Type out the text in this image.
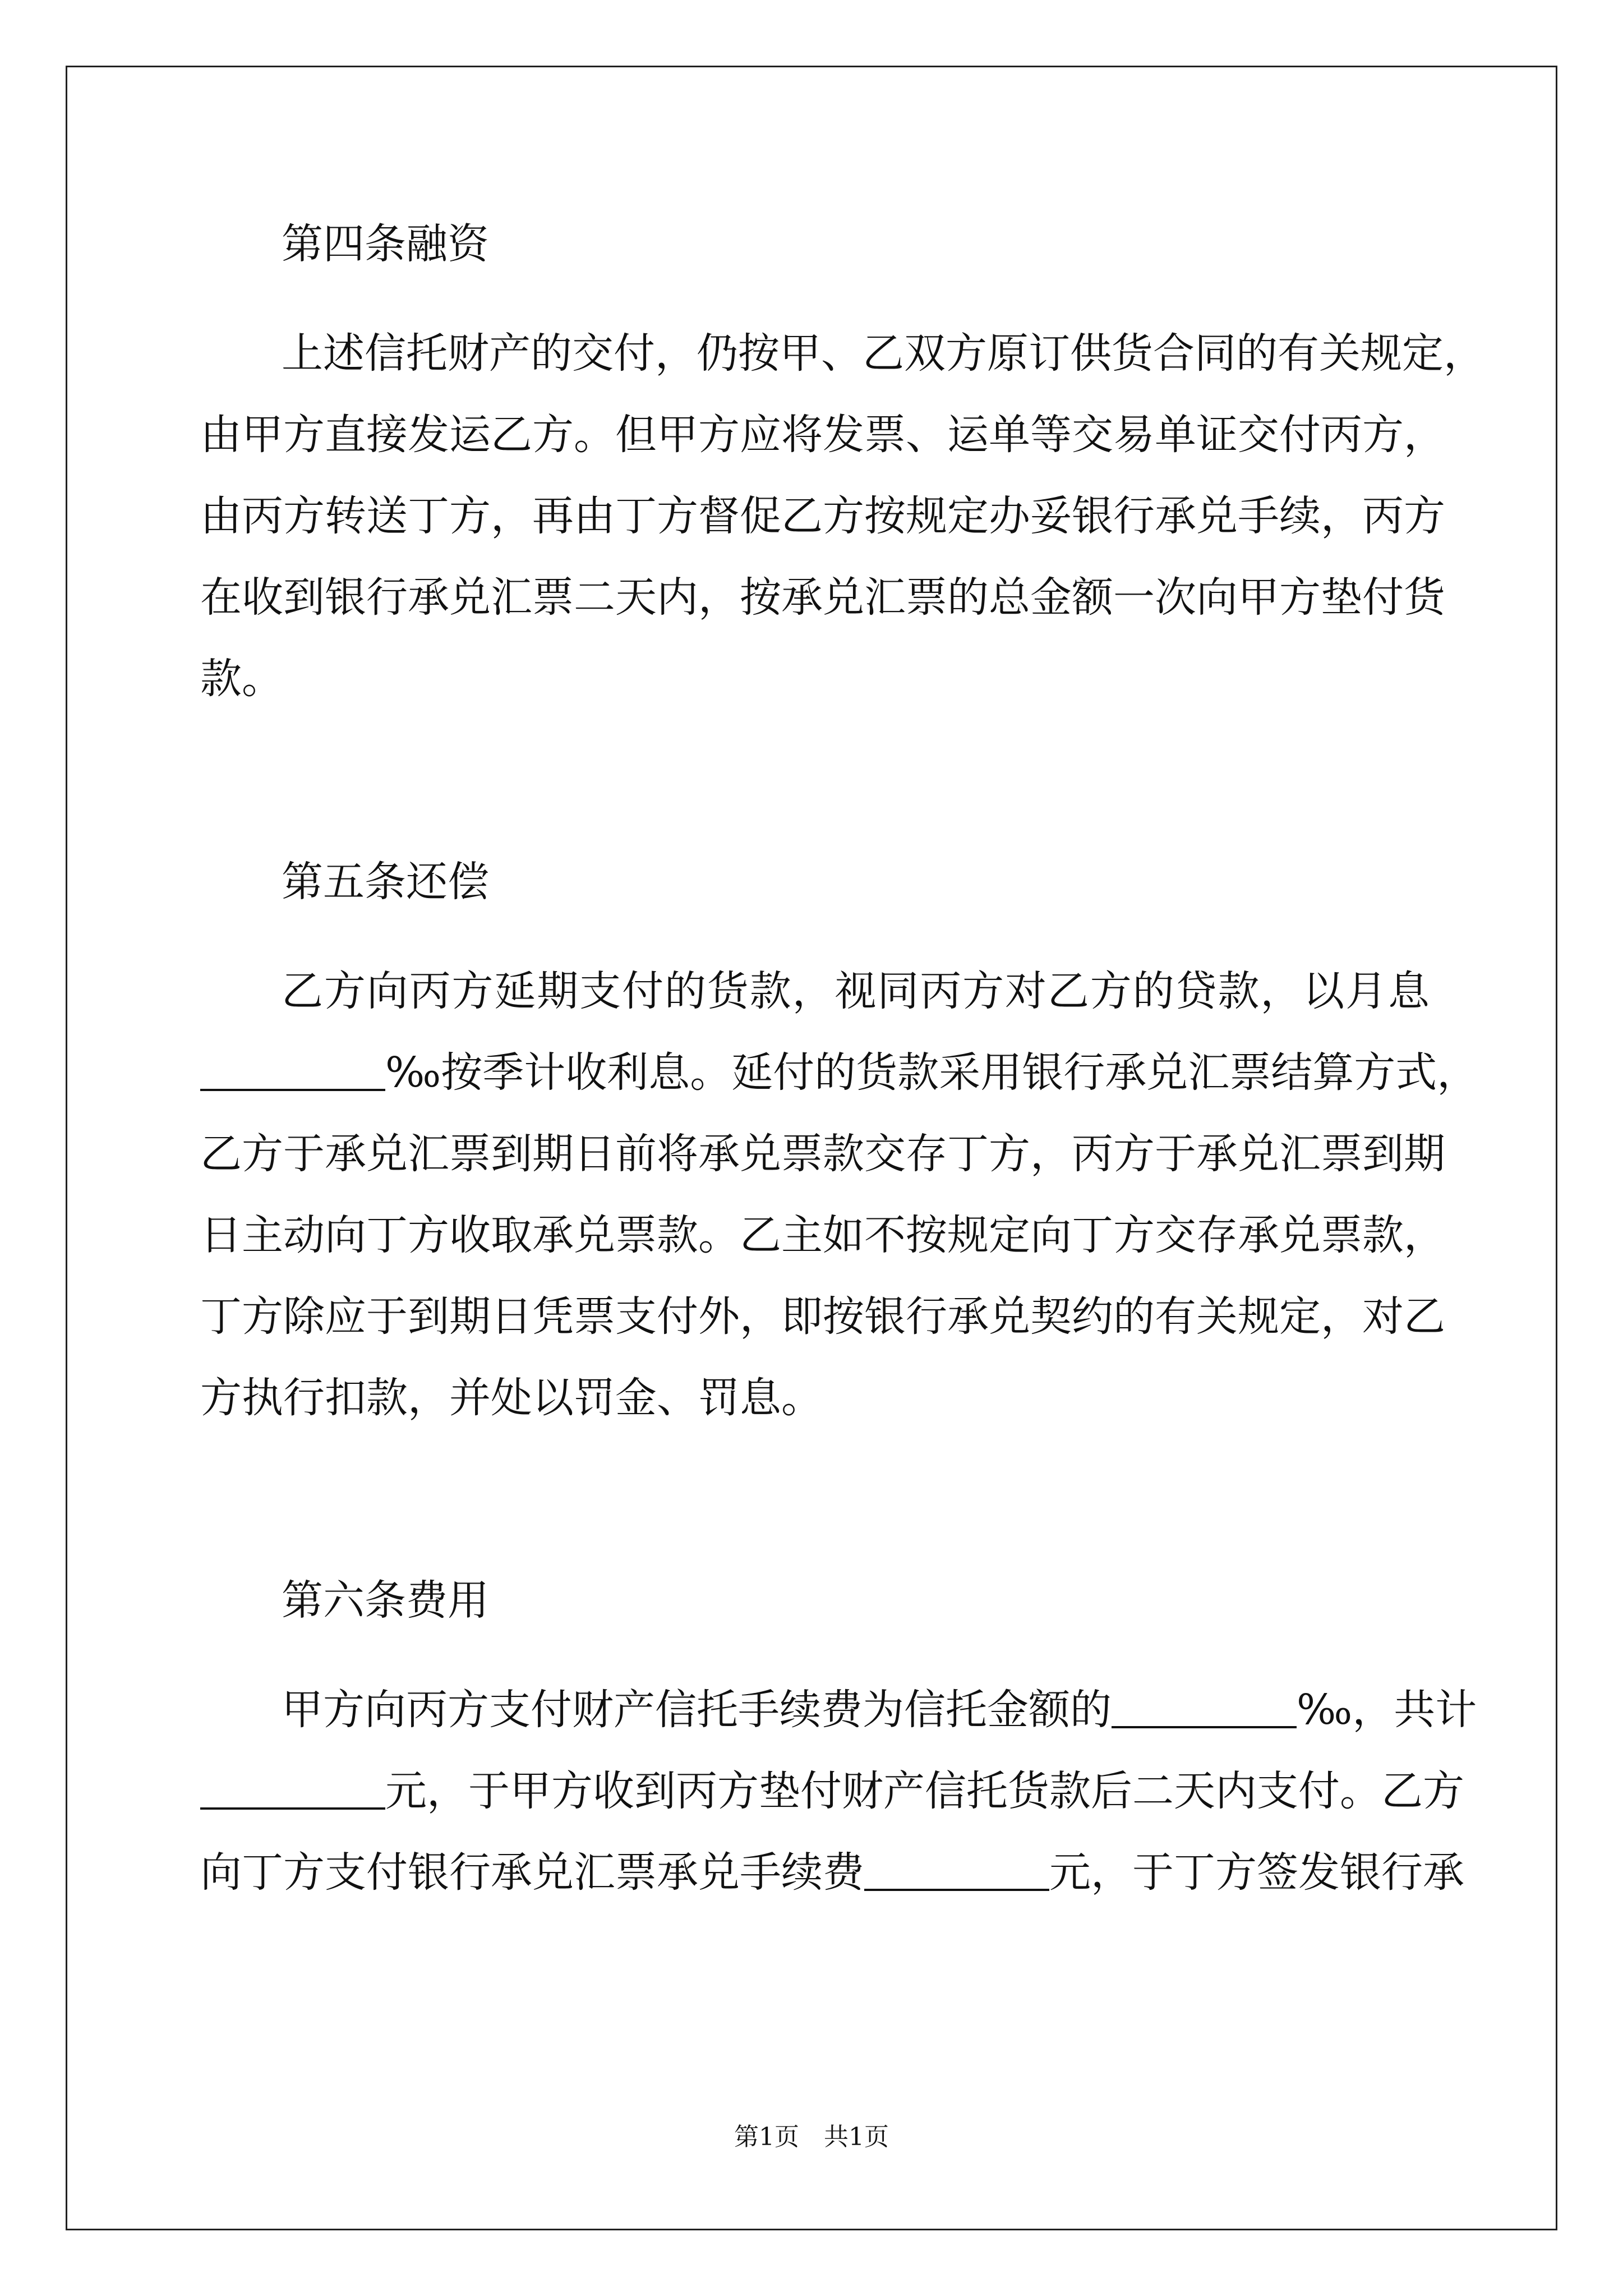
第四条融资
上述信托财产的交付，仍按甲、乙双方原订供货合同的有关规定，
由甲方直接发运乙方。但甲方应将发票、运单等交易单证交付丙方，
由丙方转送丁方，再由丁方督促乙方按规定办妥银行承兑手续，丙方
在收到银行承兑汇票二天内，按承兑汇票的总金额一次向甲方垫付货
款。
第五条还偿
乙方向丙方延期支付的货款，视同丙方对乙方的贷款，以月息
‰按季计收利息。延付的货款采用银行承兑汇票结算方式，
乙方于承兑汇票到期日前将承兑票款交存丁方，丙方于承兑汇票到期
日主动向丁方收取承兑票款。乙主如不按规定向丁方交存承兑票款，
丁方除应于到期日凭票支付外，即按银行承兑契约的有关规定，对乙
方执行扣款，并处以罚金、罚息。
第六条费用
甲方向丙方支付财产信托手续费为信托金额的	‰，共计
元，于甲方收到丙方垫付财产信托货款后二天内支付。乙方
向丁方支付银行承兑汇票承兑手续费	元，于丁方签发银行承
第1页　共1页
